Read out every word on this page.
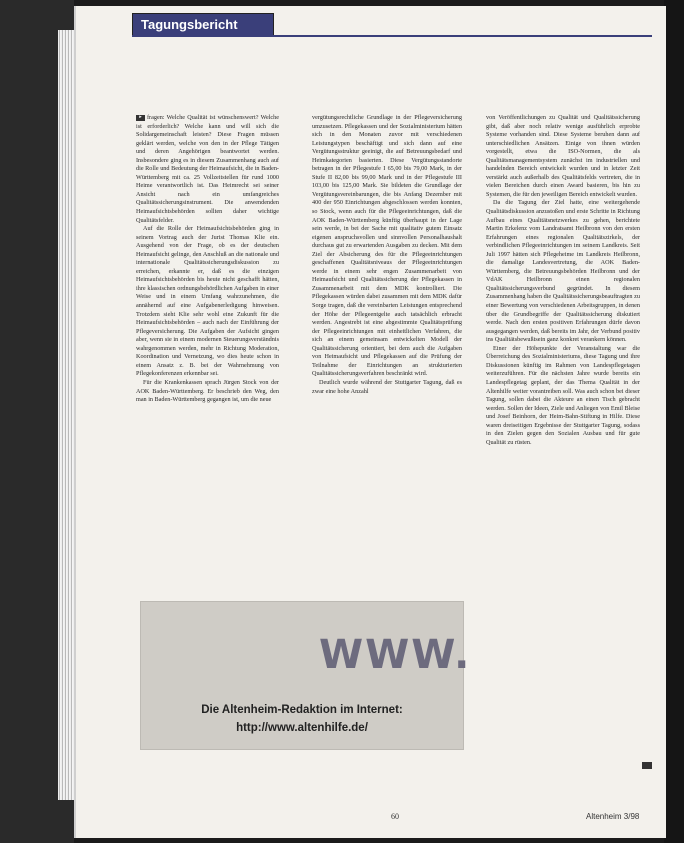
Tagungsbericht

▸ fragen: Welche Qualität ist wünschenswert? Welche ist erforderlich? Welche kann und will sich die Solidargemeinschaft leisten? Diese Fragen müssen geklärt werden, welche von den in der Pflege Tätigen und deren Angehörigen beantwortet werden. Insbesondere ging es in diesem Zusammenhang auch auf die Rolle und Bedeutung der Heimaufsicht, die in Baden-Württemberg mit ca. 25 Vollzeitstellen für rund 1000 Heime verantwortlich ist. Das Heimrecht sei seiner Ansicht nach ein umfangreiches Qualitätssicherungsinstrument. Die anwendenden Heimaufsichtsbehörden sollten daher wichtige Qualitätsfelder.

Auf die Rolle der Heimaufsichtsbehörden ging in seinem Vortrag auch der Jurist Thomas Klie ein. Ausgehend von der Frage, ob es der deutschen Heimaufsicht gelinge, den Anschluß an die nationale und internationale Qualitätssicherungsdiskussion zu erreichen, erkannte er, daß es die einzigen Heimaufsichtsbehörden bis heute nicht geschafft hätten, ihre klassischen ordnungsbehördlichen Aufgaben in einer Weise und in einem Umfang wahrzunehmen, die annähernd auf eine Aufgabenerledigung hinweisen. Trotzdem sieht Klie sehr wohl eine Zukunft für die Heimaufsichtsbehörden – auch nach der Einführung der Pflegeversicherung. Die Aufgaben der Aufsicht gingen aber, wenn sie in einem modernen Steuerungsverständnis wahrgenommen werden, mehr in Richtung Moderation, Koordination und Vernetzung, wo dies heute schon in einem Ansatz z. B. bei der Wahrnehmung von Pflegekonferenzen erkennbar sei.

Für die Krankenkassen sprach Jürgen Stock von der AOK Baden-Württemberg. Er beschrieb den Weg, den man in Baden-Württemberg gegangen ist, um die neue

vergütungsrechtliche Grundlage in der Pflegeversicherung umzusetzen. Pflegekassen und der Sozialministerium hätten sich in den Monaten zuvor mit verschiedenen Leistungstypen beschäftigt und sich dann auf eine Vergütungsstruktur geeinigt, die auf Betreuungsbedarf und Heimkategorien basierten. Diese Vergütungsstandorte betragen in der Pflegestufe I 65,00 bis 79,00 Mark, in der Stufe II 82,00 bis 99,00 Mark und in der Pflegestufe III 103,00 bis 125,00 Mark. Sie bildeten die Grundlage der Vergütungsvereinbarungen, die bis Anfang Dezember mit 400 der 950 Einrichtungen abgeschlossen werden konnten, so Stock, wenn auch für die Pflegeeinrichtungen, daß die AOK Baden-Württemberg künftig überhaupt in der Lage sein werde, in bei der Sache mit qualitativ gutem Einsatz eigenen anspruchsvollen und sinnvollen Personalhaushalt durchaus gut zu erwartenden Ausgaben zu decken. Mit dem Ziel der Absicherung des für die Pflegeeinrichtungen geschaffenen Qualitätsniveaus der Pflegeeinrichtungen werde in einem sehr engen Zusammenarbeit von Heimaufsicht und Qualitätssicherung der Pflegekassen in Zusammenarbeit mit dem MDK kontrolliert. Die Pflegekassen würden dabei zusammen mit dem MDK dafür Sorge tragen, daß die vereinbarten Leistungen entsprechend der Höhe der Pflegeentgelte auch tatsächlich erbracht werden. Angestrebt ist eine abgestimmte Qualitätsprüfung der Pflegeeinrichtungen mit einheitlichen Verfahren, die sich an einem gemeinsam entwickelten Modell der Qualitätssicherung orientiert, bei dem auch die Aufgaben von Heimaufsicht und Pflegekassen auf die Prüfung der Teilnahme der Einrichtungen an strukturierten Qualitätssicherungsverfahren beschränkt wird.

Deutlich wurde während der Stuttgarter Tagung, daß es zwar eine hohe Anzahl

von Veröffentlichungen zu Qualität und Qualitätssicherung gibt, daß aber noch relativ wenige ausführlich erprobte Systeme vorhanden sind. Diese Systeme beruhen dann auf unterschiedlichen Ansätzen. Einige von ihnen würden vorgestellt, etwa die ISO-Normen, die als Qualitätsmanagementsystem zunächst im industriellen und handelnden Bereich entwickelt wurden und in letzter Zeit verstärkt auch außerhalb des Qualitätsfelds vertreten, die in vielen Bereichen durch einen Award basieren, bis hin zu Systemen, die für den jeweiligen Bereich entwickelt wurden.

Da die Tagung der Ziel hatte, eine weitergehende Qualitätsdiskussion anzustoßen und erste Schritte in Richtung Aufbau eines Qualitätsnetzwerkes zu gehen, berichtete Martin Erkelenz vom Landratsamt Heilbronn von den ersten Erfahrungen eines regionalen Qualitätszirkels, der verbindlichen Pflegeeinrichtungen im seinem Landkreis. Seit Juli 1997 hätten sich Pflegeheime im Landkreis Heilbronn, die damalige Landesvertretung, die AOK Baden-Württemberg, die Betreuungsbehörden Heilbronn und der VdAK Heilbronn einen regionalen Qualitätssicherungsverbund gegründet. In diesem Zusammenhang haben die Qualitätssicherungsbeauftragten zu einer Bewertung von verschiedenen Arbeitsgruppen, in denen über die Grundbegriffe der Qualitätssicherung diskutiert werde. Nach den ersten positiven Erfahrungen dürfe davon ausgegangen werden, daß bereits im Jahr, der Verbund positiv ins Qualitätsbewußtsein ganz konkret verankern können.

Einer der Höhepunkte der Veranstaltung war die Überreichung des Sozialministeriums, diese Tagung und ihre Diskussionen künftig im Rahmen von Landespflegetagen weiterzuführen. Für die nächsten Jahre wurde bereits ein Landespflegetag geplant, der das Thema Qualität in der Altenhilfe weiter vorantreiben soll. Was auch schon bei dieser Tagung, sollen dabei die Akteure an einen Tisch gebracht werden. Sollen der Ideen, Ziele und Anliegen von Emil Bleise und Josef Beinhorn, der Heim-Bahn-Stiftung in Hilfe. Diese waren dreiseitigen Ergebnisse der Stuttgarter Tagung, sodass in den Zielen gegen den Sozialen Ausbau und für gute Qualität zu rüsten.

WWW.
Die Altenheim-Redaktion im Internet:
http://www.altenhilfe.de/
60	Altenheim 3/98
